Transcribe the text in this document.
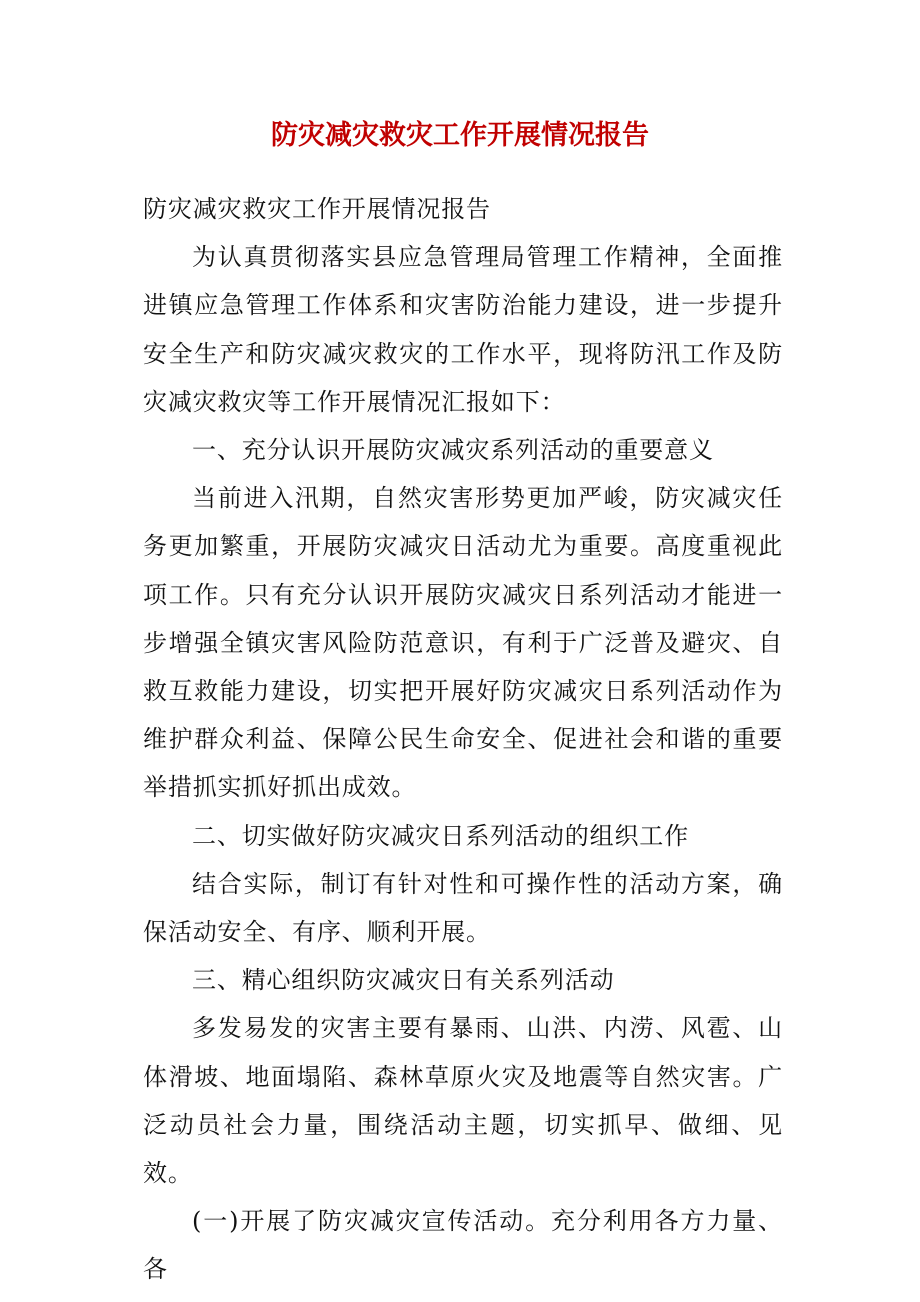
防灾减灾救灾工作开展情况报告

防灾减灾救灾工作开展情况报告

为认真贯彻落实县应急管理局管理工作精神，全面推进镇应急管理工作体系和灾害防治能力建设，进一步提升安全生产和防灾减灾救灾的工作水平，现将防汛工作及防灾减灾救灾等工作开展情况汇报如下：

一、充分认识开展防灾减灾系列活动的重要意义

当前进入汛期，自然灾害形势更加严峻，防灾减灾任务更加繁重，开展防灾减灾日活动尤为重要。高度重视此项工作。只有充分认识开展防灾减灾日系列活动才能进一步增强全镇灾害风险防范意识，有利于广泛普及避灾、自救互救能力建设，切实把开展好防灾减灾日系列活动作为维护群众利益、保障公民生命安全、促进社会和谐的重要举措抓实抓好抓出成效。

二、切实做好防灾减灾日系列活动的组织工作

结合实际，制订有针对性和可操作性的活动方案，确保活动安全、有序、顺利开展。

三、精心组织防灾减灾日有关系列活动

多发易发的灾害主要有暴雨、山洪、内涝、风雹、山体滑坡、地面塌陷、森林草原火灾及地震等自然灾害。广泛动员社会力量，围绕活动主题，切实抓早、做细、见效。

(一)开展了防灾减灾宣传活动。充分利用各方力量、各
